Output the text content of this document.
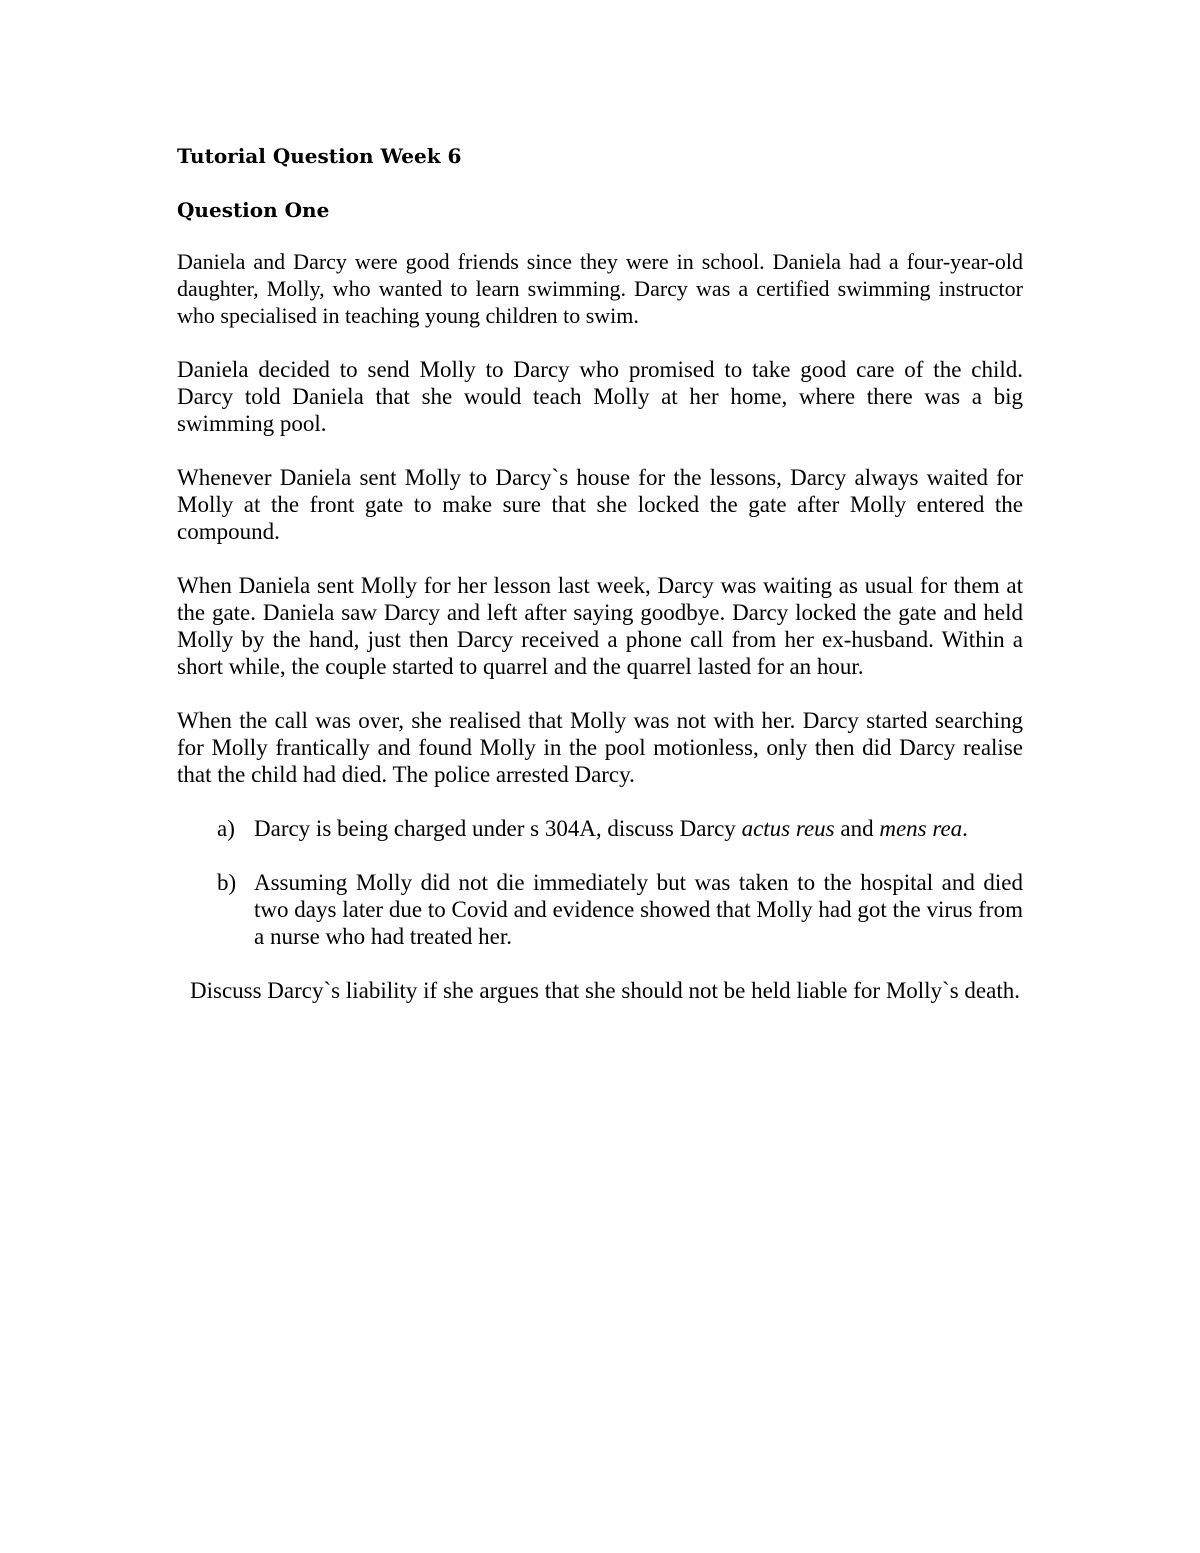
Tutorial Question Week 6
Question One

Daniela and Darcy were good friends since they were in school. Daniela had a four-year-old daughter, Molly, who wanted to learn swimming. Darcy was a certified swimming instructor who specialised in teaching young children to swim.

Daniela decided to send Molly to Darcy who promised to take good care of the child. Darcy told Daniela that she would teach Molly at her home, where there was a big swimming pool.

Whenever Daniela sent Molly to Darcy`s house for the lessons, Darcy always waited for Molly at the front gate to make sure that she locked the gate after Molly entered the compound.

When Daniela sent Molly for her lesson last week, Darcy was waiting as usual for them at the gate. Daniela saw Darcy and left after saying goodbye. Darcy locked the gate and held Molly by the hand, just then Darcy received a phone call from her ex-husband. Within a short while, the couple started to quarrel and the quarrel lasted for an hour.

When the call was over, she realised that Molly was not with her. Darcy started searching for Molly frantically and found Molly in the pool motionless, only then did Darcy realise that the child had died. The police arrested Darcy.

a) Darcy is being charged under s 304A, discuss Darcy actus reus and mens rea.
b) Assuming Molly did not die immediately but was taken to the hospital and died two days later due to Covid and evidence showed that Molly had got the virus from a nurse who had treated her.

Discuss Darcy`s liability if she argues that she should not be held liable for Molly`s death.
